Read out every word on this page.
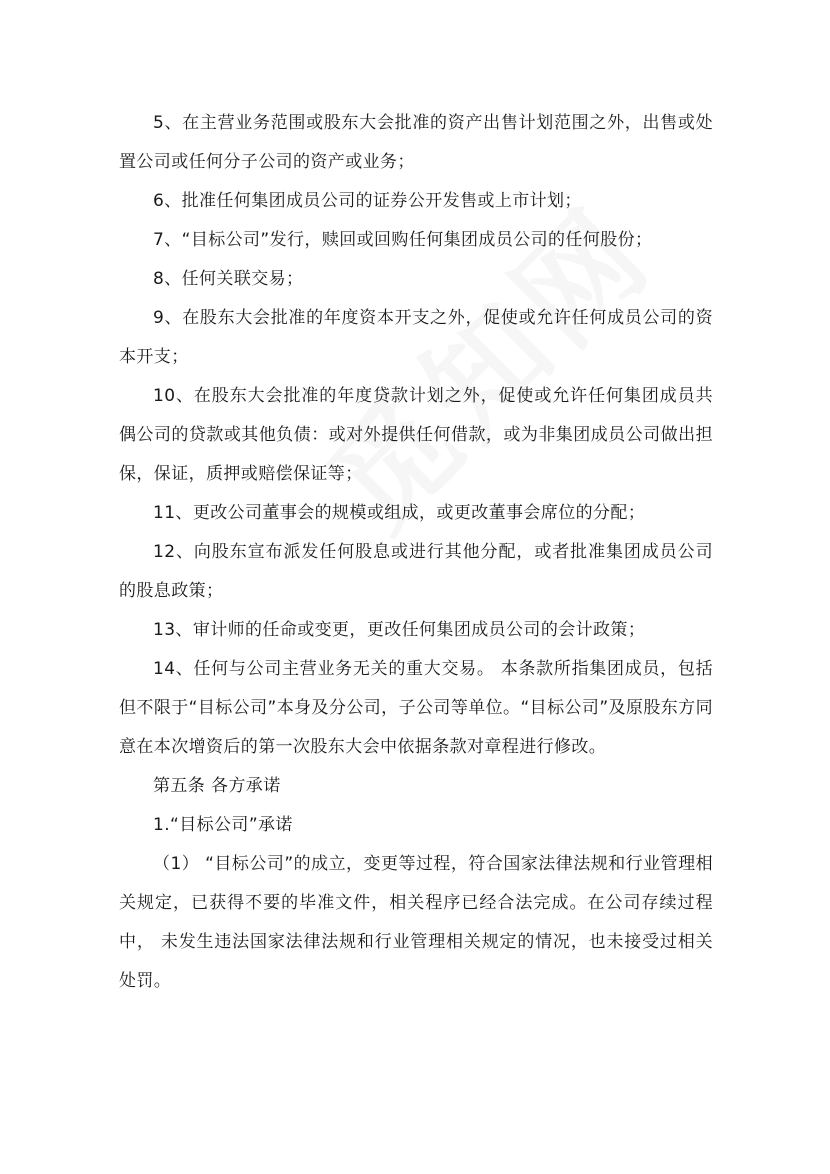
5、在主营业务范围或股东大会批准的资产出售计划范围之外，出售或处置公司或任何分子公司的资产或业务；

6、批准任何集团成员公司的证券公开发售或上市计划；

7、“目标公司”发行，赎回或回购任何集团成员公司的任何股份；

8、任何关联交易；

9、在股东大会批准的年度资本开支之外，促使或允许任何成员公司的资本开支；

10、在股东大会批准的年度贷款计划之外，促使或允许任何集团成员共偶公司的贷款或其他负债：或对外提供任何借款，或为非集团成员公司做出担保，保证，质押或赔偿保证等；

11、更改公司董事会的规模或组成，或更改董事会席位的分配；

12、向股东宣布派发任何股息或进行其他分配，或者批准集团成员公司的股息政策；

13、审计师的任命或变更，更改任何集团成员公司的会计政策；

14、任何与公司主营业务无关的重大交易。 本条款所指集团成员，包括但不限于“目标公司”本身及分公司，子公司等单位。“目标公司”及原股东方同意在本次增资后的第一次股东大会中依据条款对章程进行修改。

第五条 各方承诺

1.“目标公司”承诺

（1） “目标公司”的成立，变更等过程，符合国家法律法规和行业管理相关规定，已获得不要的毕准文件，相关程序已经合法完成。在公司存续过程中， 未发生违法国家法律法规和行业管理相关规定的情况，也未接受过相关处罚。
